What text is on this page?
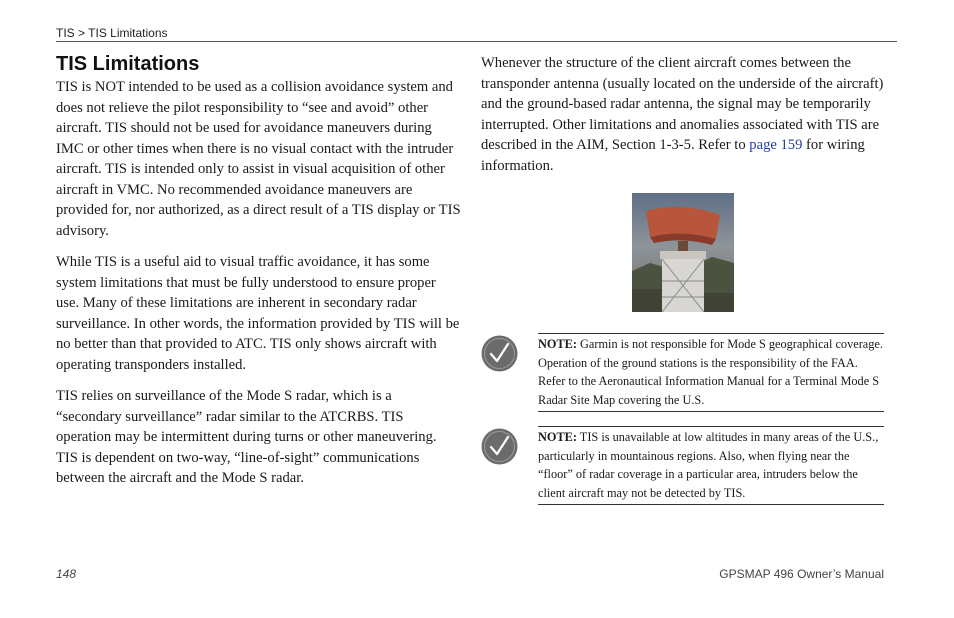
TIS > TIS Limitations
TIS Limitations

TIS is NOT intended to be used as a collision avoidance system and does not relieve the pilot responsibility to “see and avoid” other aircraft. TIS should not be used for avoidance maneuvers during IMC or other times when there is no visual contact with the intruder aircraft. TIS is intended only to assist in visual acquisition of other aircraft in VMC. No recommended avoidance maneuvers are provided for, nor authorized, as a direct result of a TIS display or TIS advisory.

While TIS is a useful aid to visual traffic avoidance, it has some system limitations that must be fully understood to ensure proper use. Many of these limitations are inherent in secondary radar surveillance. In other words, the information provided by TIS will be no better than that provided to ATC. TIS only shows aircraft with operating transponders installed.

TIS relies on surveillance of the Mode S radar, which is a “secondary surveillance” radar similar to the ATCRBS. TIS operation may be intermittent during turns or other maneuvering. TIS is dependent on two-way, “line-of-sight” communications between the aircraft and the Mode S radar.

Whenever the structure of the client aircraft comes between the transponder antenna (usually located on the underside of the aircraft) and the ground-based radar antenna, the signal may be temporarily interrupted. Other limitations and anomalies associated with TIS are described in the AIM, Section 1-3-5. Refer to page 159 for wiring information.

NOTE: Garmin is not responsible for Mode S geographical coverage. Operation of the ground stations is the responsibility of the FAA. Refer to the Aeronautical Information Manual for a Terminal Mode S Radar Site Map covering the U.S.

NOTE: TIS is unavailable at low altitudes in many areas of the U.S., particularly in mountainous regions. Also, when flying near the “floor” of radar coverage in a particular area, intruders below the client aircraft may not be detected by TIS.

148	GPSMAP 496 Owner’s Manual
